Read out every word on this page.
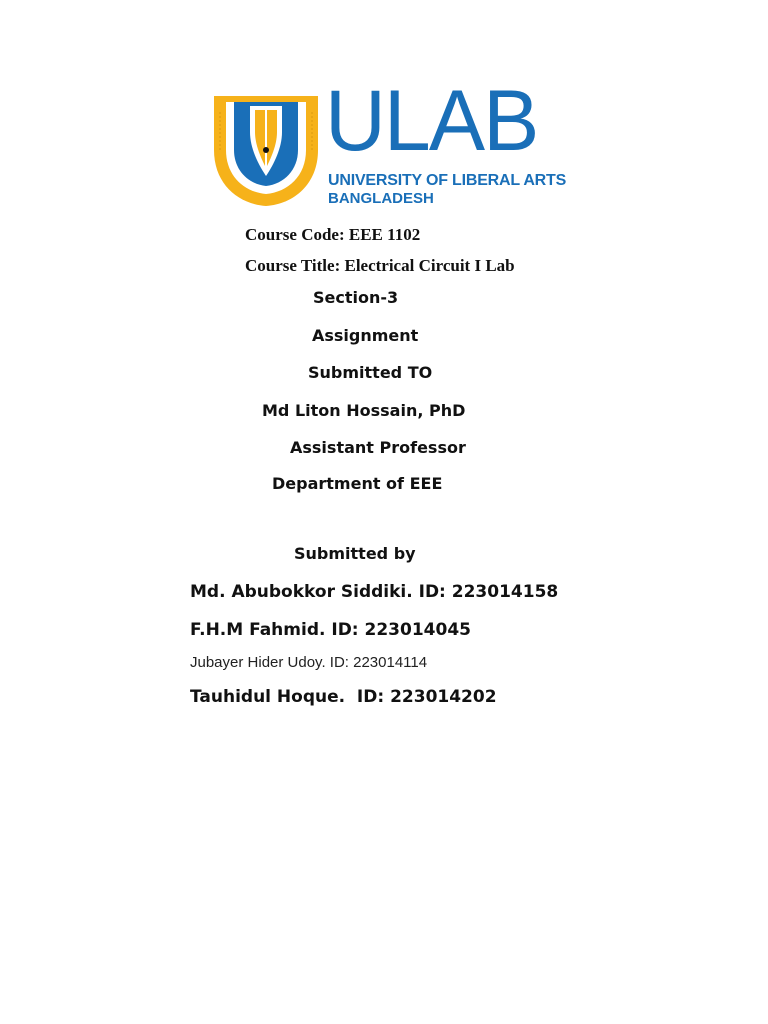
ULAB
UNIVERSITY OF LIBERAL ARTS
BANGLADESH
Course Code: EEE 1102
Course Title: Electrical Circuit I Lab
Section-3
Assignment
Submitted TO
Md Liton Hossain, PhD
Assistant Professor
Department of EEE
Submitted by
Md. Abubokkor Siddiki. ID: 223014158
F.H.M Fahmid. ID: 223014045
Jubayer Hider Udoy. ID: 223014114
Tauhidul Hoque.  ID: 223014202
